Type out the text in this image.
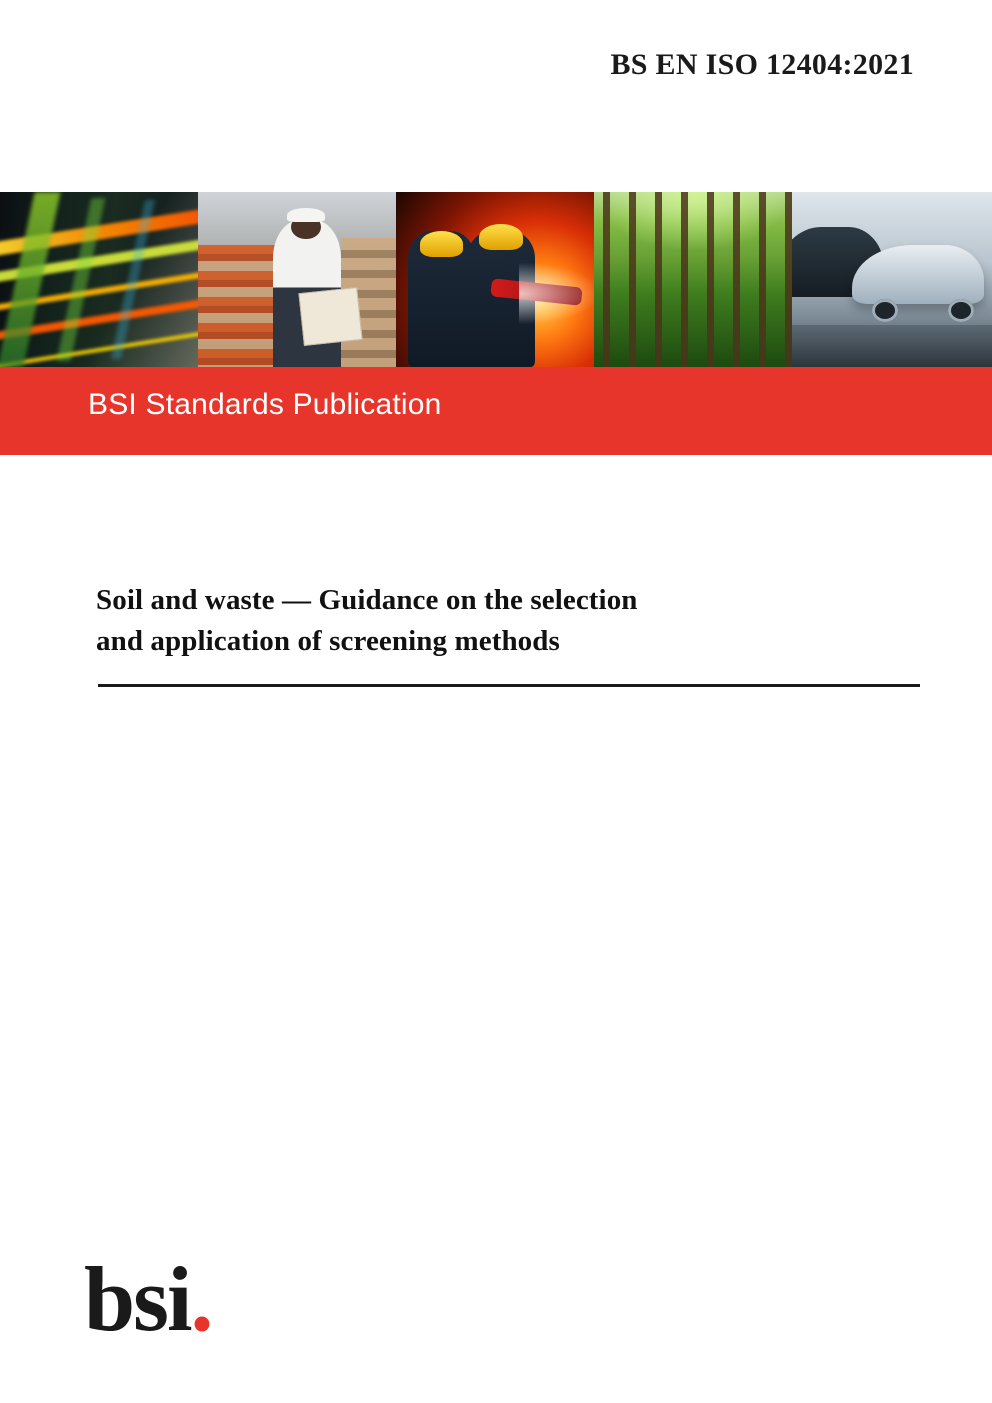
BS EN ISO 12404:2021
BSI Standards Publication
Soil and waste — Guidance on the selection
and application of screening methods
bsi.
